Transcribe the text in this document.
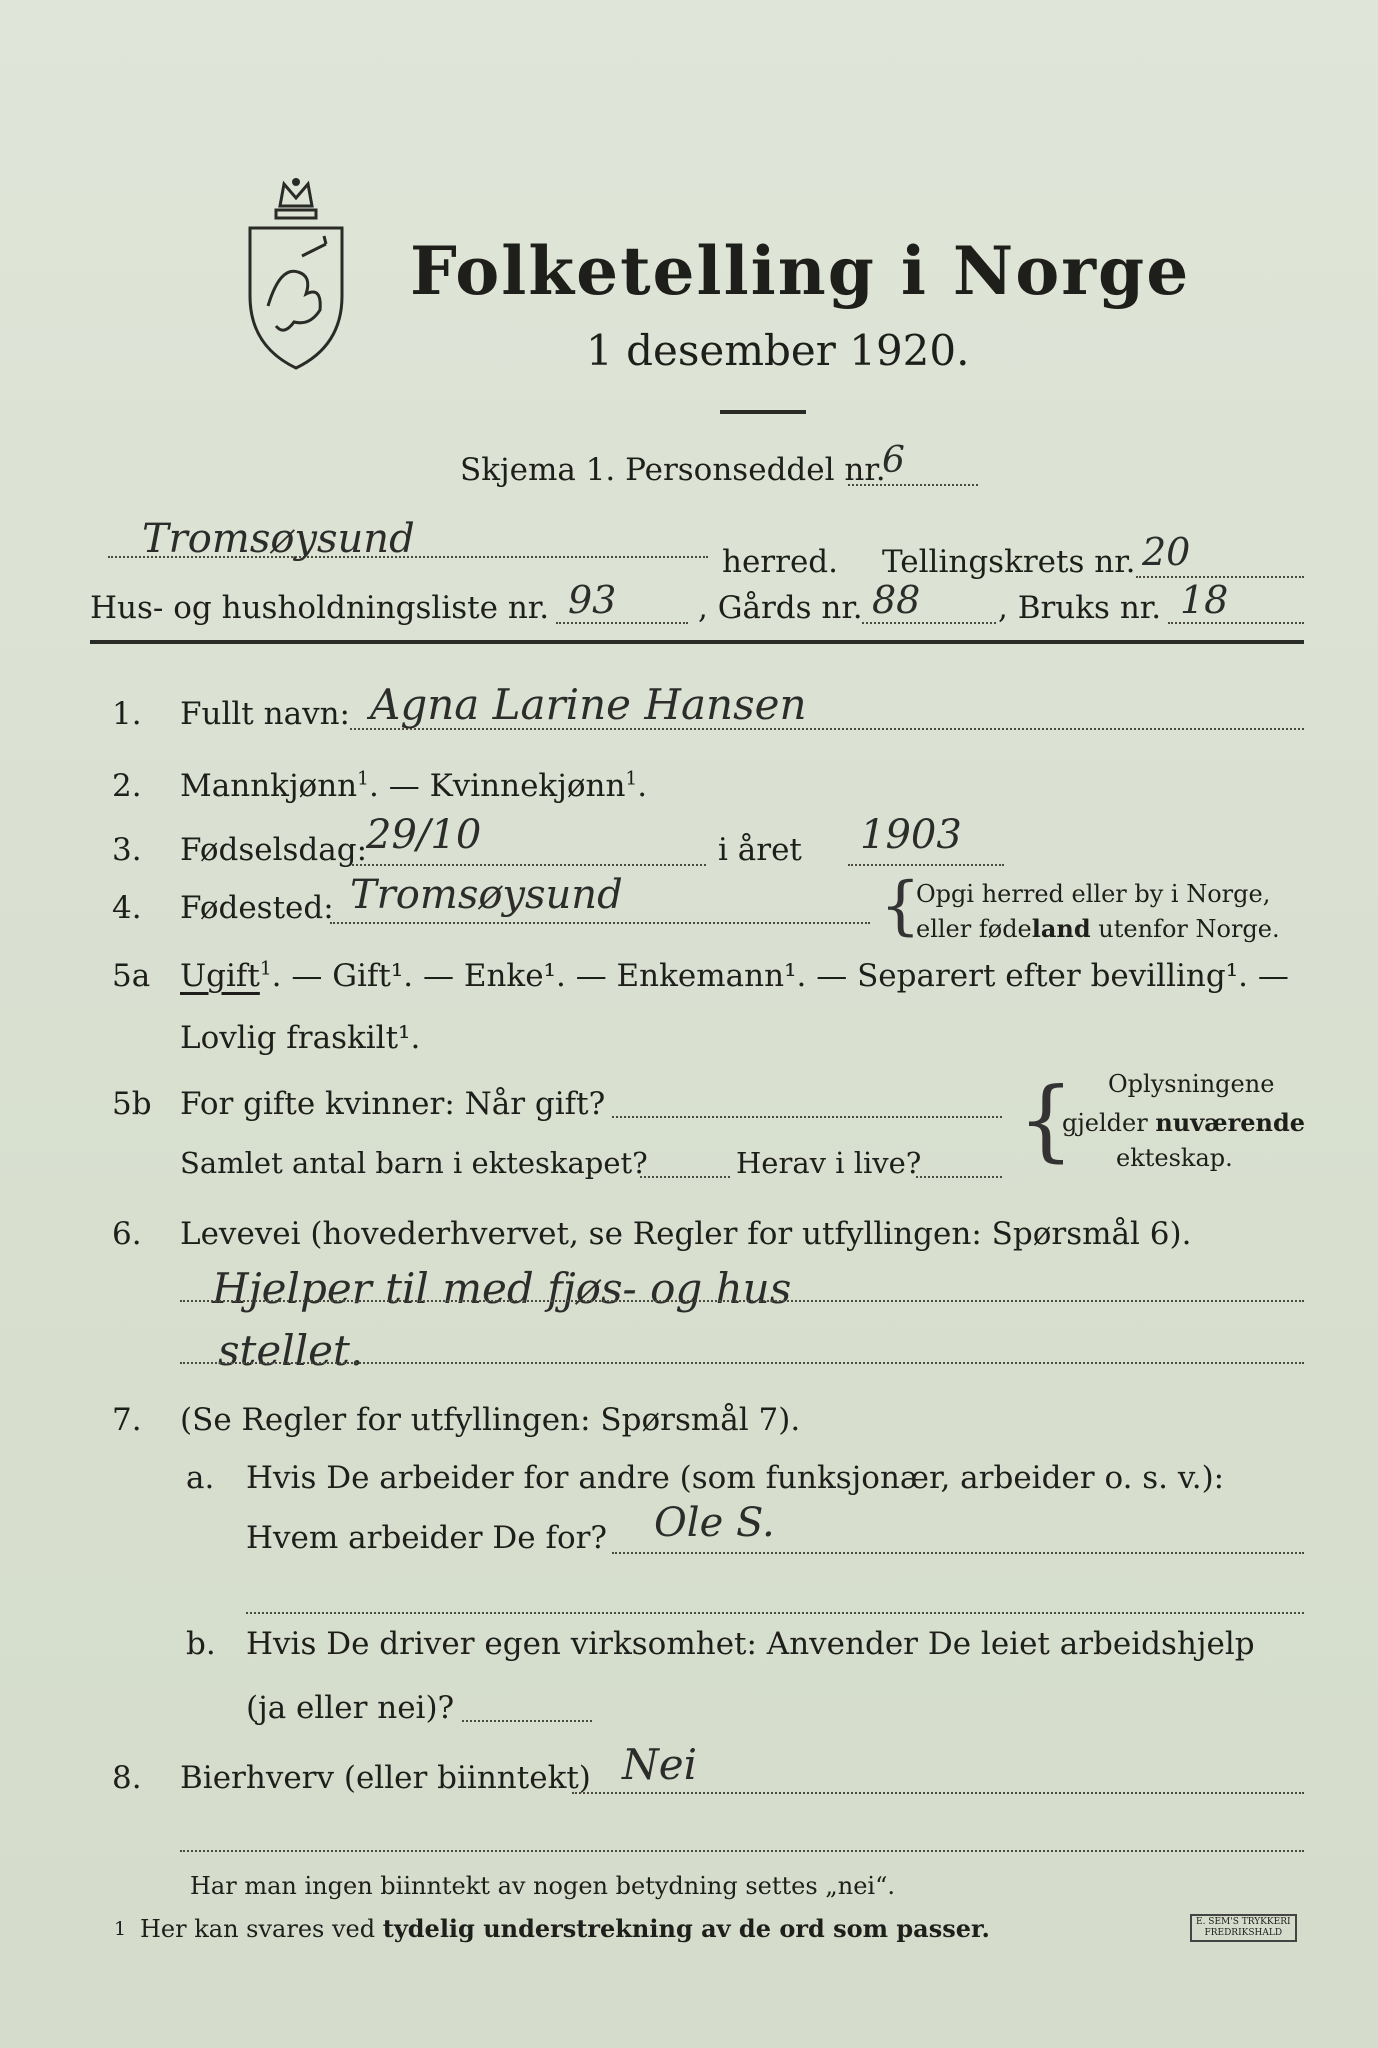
Folketelling i Norge
1 desember 1920.
Skjema 1. Personseddel nr.
6
Tromsøysund	herred. Tellingskrets nr. 20
Hus- og husholdningsliste nr. 93	, Gårds nr. 88	, Bruks nr. 18
1. Fullt navn: Agna Larine Hansen
2. Mannkjønn$^1$. — Kvinnekjønn$^1$.
3. Fødselsdag:
29/10	i året 1903
4. Fødested: Tromsøysund	{
Opgi herred eller by i Norge,
eller fødeland utenfor Norge.
5a Ugift$^1$. — Gift¹. — Enke¹. — Enkemann¹. — Separert efter bevilling¹. —
Lovlig fraskilt¹.
5b For gifte kvinner: Når gift?
Samlet antal barn i ekteskapet?	Herav i live? { Oplysningene
gjelder nuværende
ekteskap.
6. Levevei (hovederhvervet, se Regler for utfyllingen: Spørsmål 6).
Hjelper til med fjøs- og hus
stellet.
7. (Se Regler for utfyllingen: Spørsmål 7).
a. Hvis De arbeider for andre (som funksjonær, arbeider o. s. v.):
Hvem arbeider De for? Ole S.
b. Hvis De driver egen virksomhet: Anvender De leiet arbeidshjelp
(ja eller nei)?
8. Bierhverv (eller biinntekt) Nei
Har man ingen biinntekt av nogen betydning settes „nei“.
1 Her kan svares ved tydelig understrekning av de ord som passer.	E. SEM'S TRYKKERI
FREDRIKSHALD
